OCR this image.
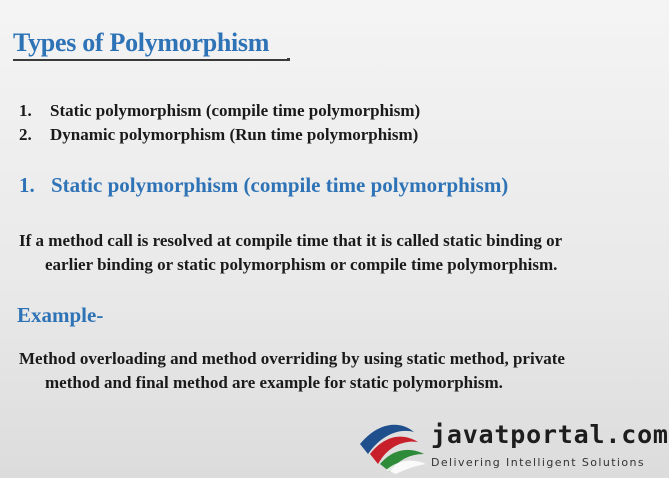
Types of Polymorphism
1.	Static polymorphism (compile time polymorphism)
2.	Dynamic polymorphism (Run time polymorphism)
1. Static polymorphism (compile time polymorphism)
If a method call is resolved at compile time that it is called static binding or
earlier binding or static polymorphism or compile time polymorphism.
Example-
Method overloading and method overriding by using static method, private
method and final method are example for static polymorphism.
javatportal.com
Delivering Intelligent Solutions
